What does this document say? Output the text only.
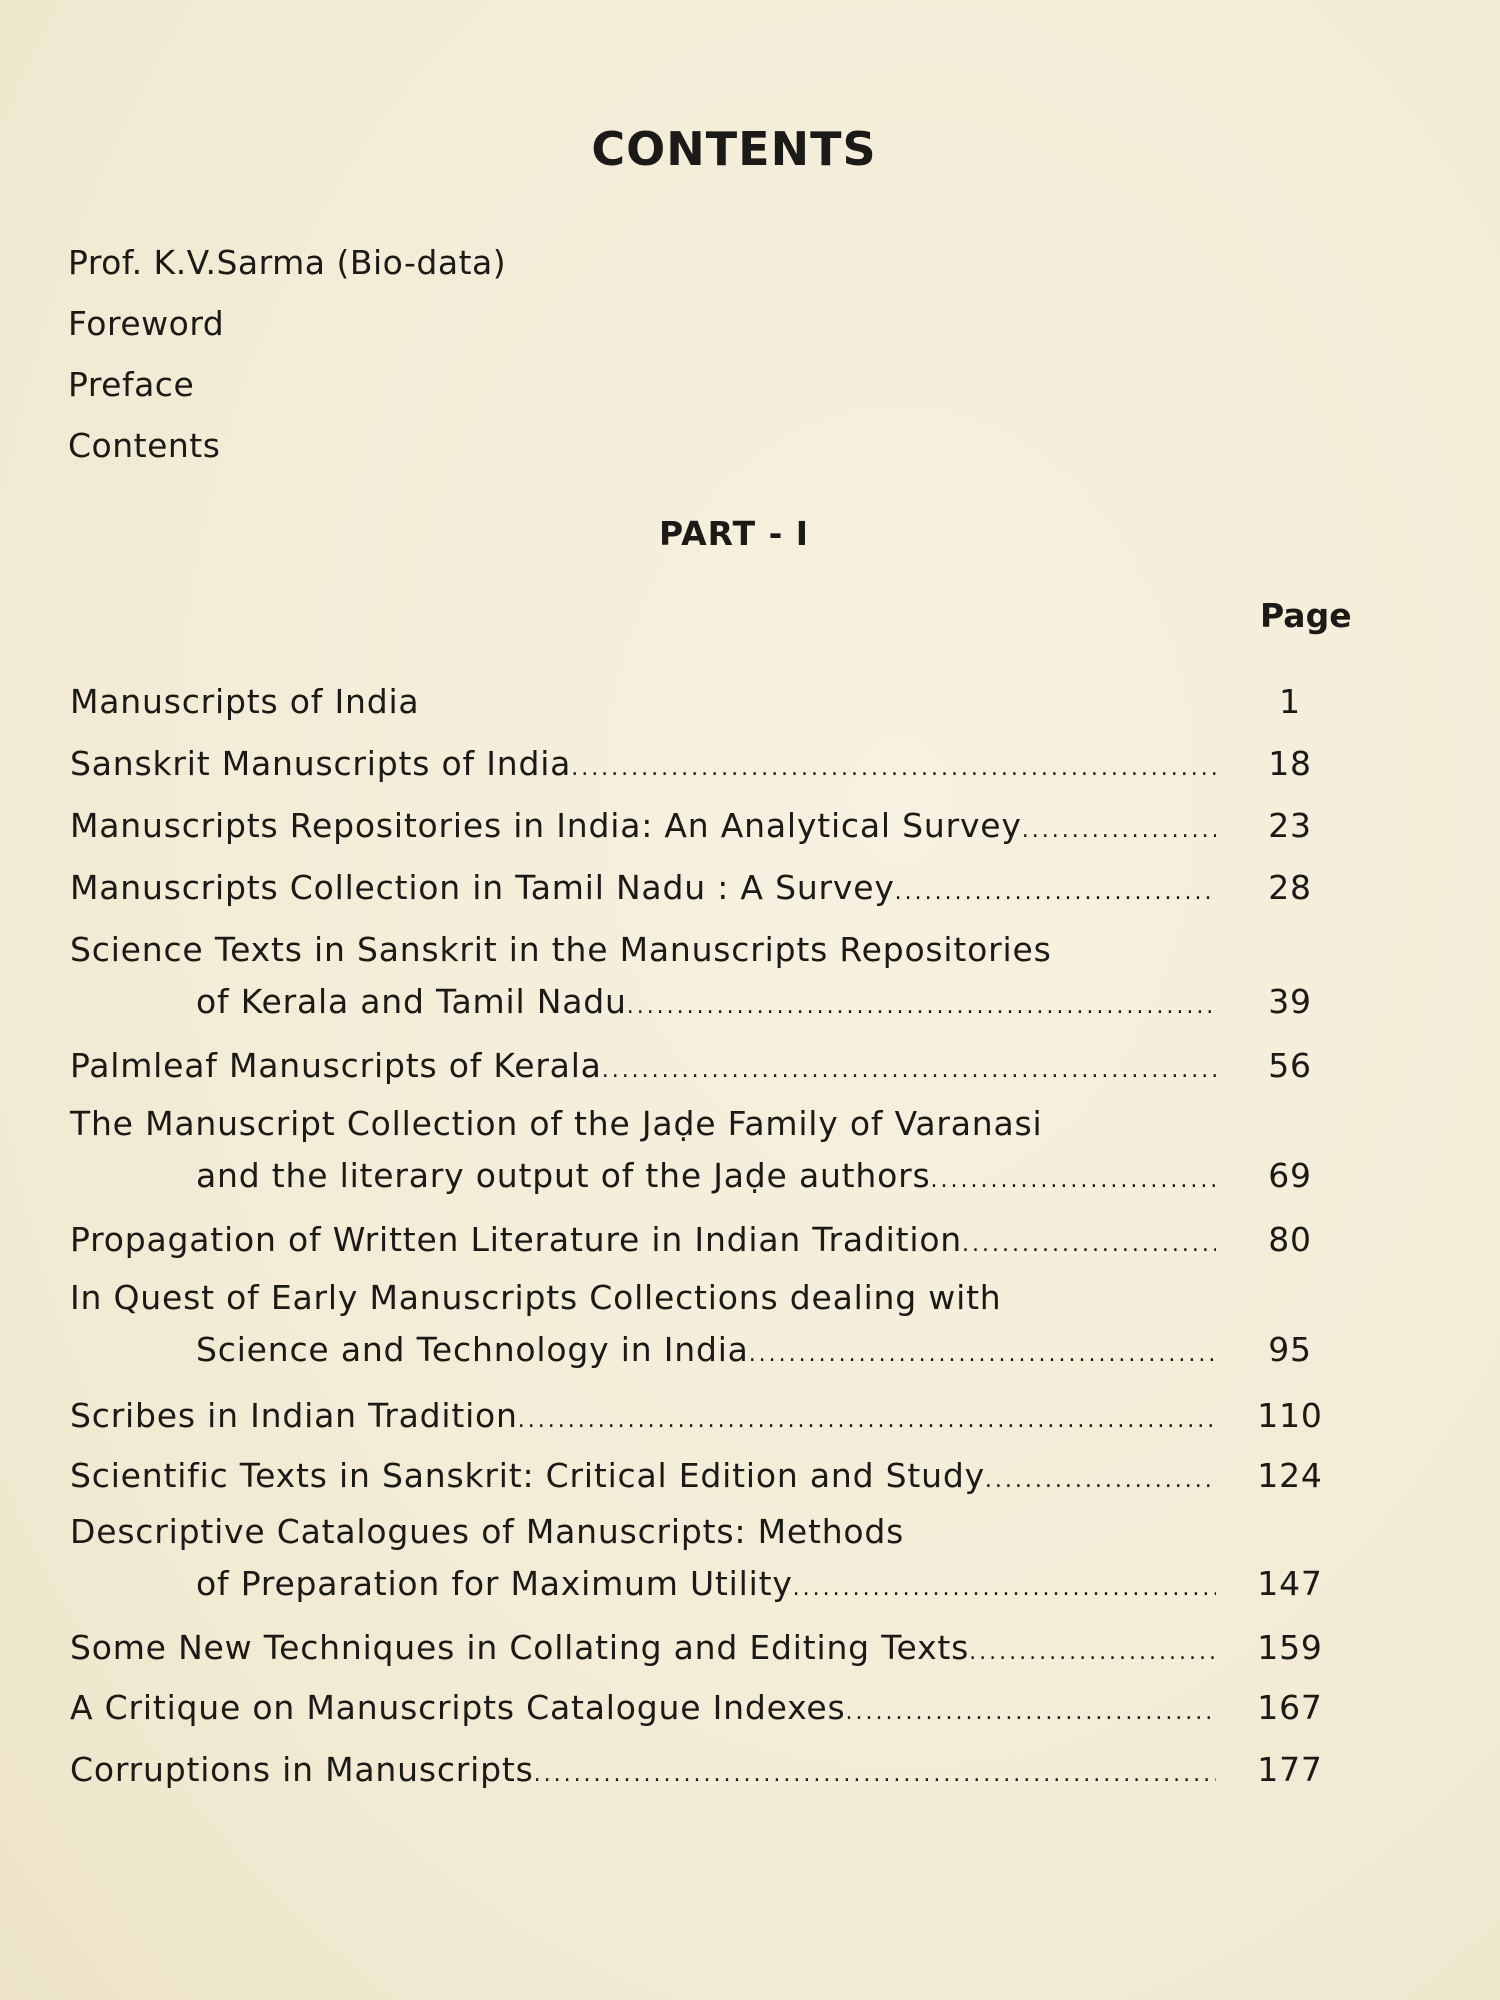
CONTENTS
Prof. K.V.Sarma (Bio-data)
Foreword
Preface
Contents
PART - I
Page
Manuscripts of India	1
Sanskrit Manuscripts of India .....	18
Manuscripts Repositories in India: An Analytical Survey .....	23
Manuscripts Collection in Tamil Nadu : A Survey .....	28
Science Texts in Sanskrit in the Manuscripts Repositories
of Kerala and Tamil Nadu .....	39
Palmleaf Manuscripts of Kerala .....	56
The Manuscript Collection of the Jaḍe Family of Varanasi
and the literary output of the Jaḍe authors .....	69
Propagation of Written Literature in Indian Tradition .....	80
In Quest of Early Manuscripts Collections dealing with
Science and Technology in India .....	95
Scribes in Indian Tradition .....	110
Scientific Texts in Sanskrit: Critical Edition and Study .....	124
Descriptive Catalogues of Manuscripts: Methods
of Preparation for Maximum Utility .....	147
Some New Techniques in Collating and Editing Texts .....	159
A Critique on Manuscripts Catalogue Indexes .....	167
Corruptions in Manuscripts .....	177
